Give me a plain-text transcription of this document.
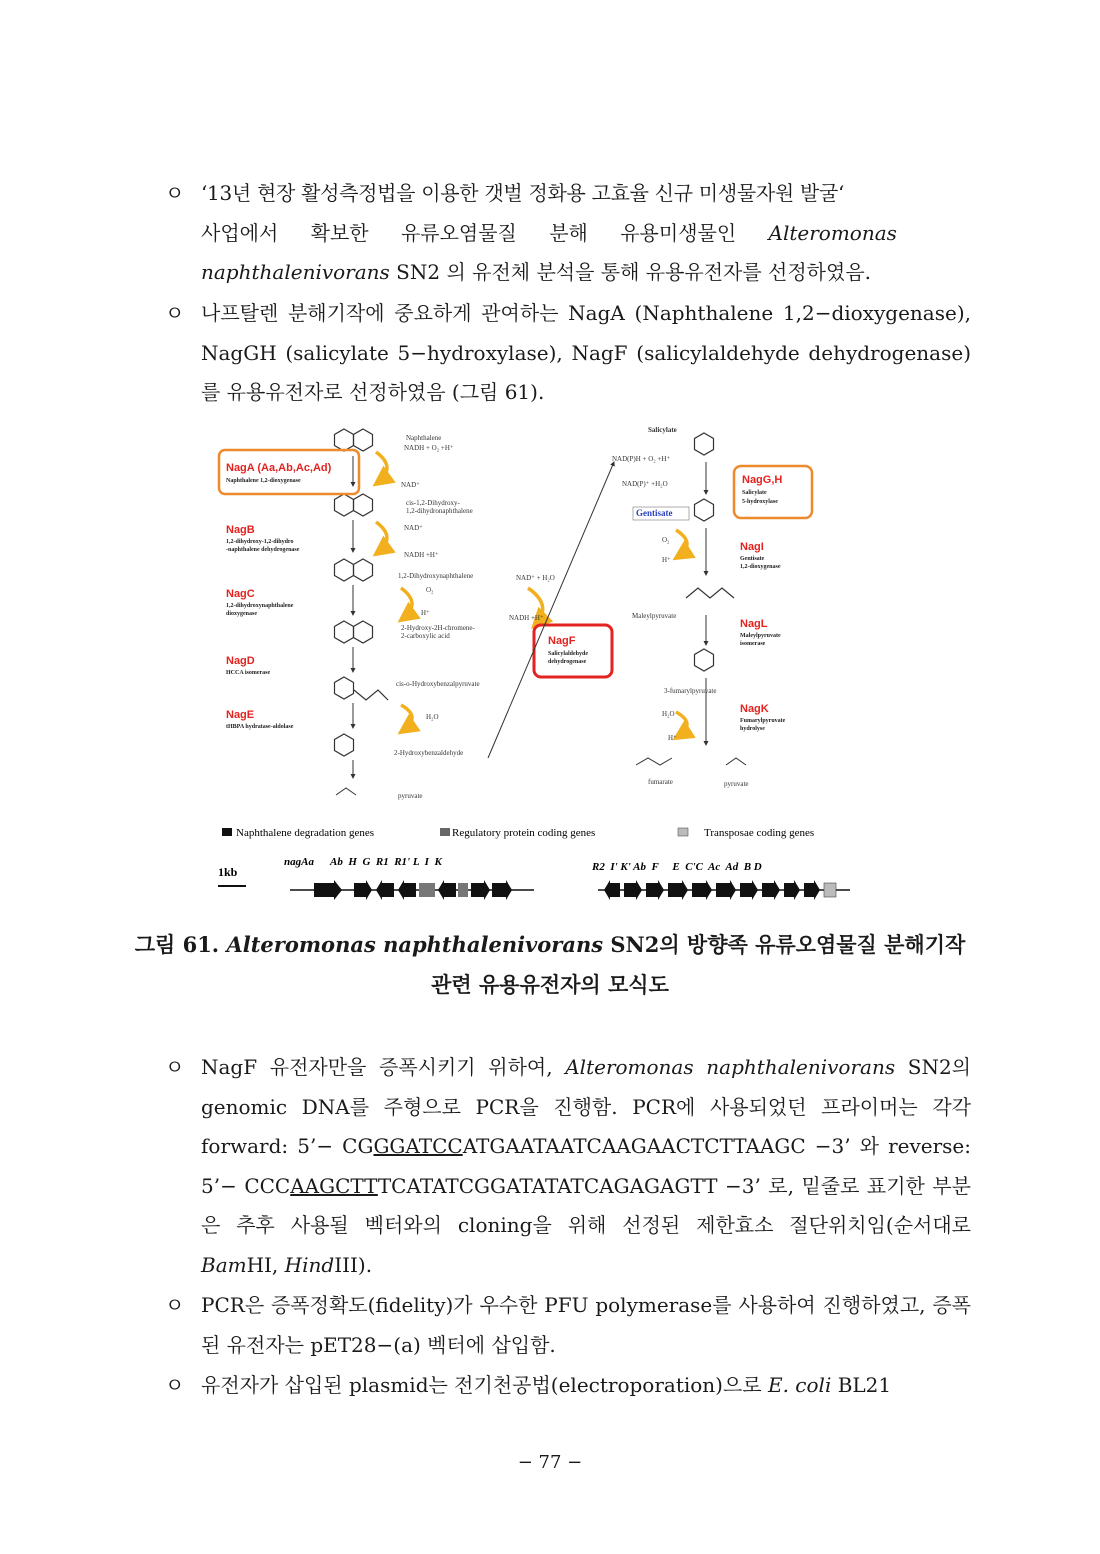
ㅇ ‘13년 현장 활성측정법을 이용한 갯벌 정화용 고효율 신규 미생물자원 발굴‘
사업에서 확보한 유류오염물질 분해 유용미생물인 Alteromonas
naphthalenivorans SN2 의 유전체 분석을 통해 유용유전자를 선정하였음.
ㅇ 나프탈렌 분해기작에 중요하게 관여하는 NagA (Naphthalene 1,2−dioxygenase), NagGH (salicylate 5−hydroxylase), NagF (salicylaldehyde dehydrogenase)를 유용유전자로 선정하였음 (그림 61).
Naphthalene
NADH + O₂ +H⁺
NAD⁺
cis-1,2-Dihydroxy-
1,2-dihydronaphthalene
NAD⁺
NADH +H⁺
1,2-Dihydroxynaphthalene
O₂
H⁺
2-Hydroxy-2H-chromene-
2-carboxylic acid
cis-o-Hydroxybenzalpyruvate
H₂O
2-Hydroxybenzaldehyde
pyruvate
NAD⁺ + H₂O
NADH +H⁺
NagA (Aa,Ab,Ac,Ad)
Naphthalene 1,2-dioxygenase
NagB
1,2-dihydroxy-1,2-dihydro
-naphthalene dehydrogenase
NagC
1,2-dihydroxynaphthalene
dioxygenase
NagD
HCCA isomerase
NagE
tHBPA hydratase-aldolase
NagF
Salicylaldehyde
dehydrogenase
Salicylate
NAD(P)H + O₂ +H⁺
NAD(P)⁺ +H₂O
Gentisate
O₂
H⁺
Maleylpyruvate
3-fumarylpyruvate
H₂O
H⁺
fumarate	pyruvate
NagG,H
Salicylate
5-hydroxylase
NagI
Gentisate
1,2-dioxygenase
NagL
Maleylpyruvate
isomerase
NagK
Fumarylpyruvate
hydrolyse
Naphthalene degradation genes	Regulatory protein coding genes	Transposae coding genes
1kb
nagAa      Ab  H  G  R1  R1' L  I  K	R2  I' K' Ab  F     E  C'C  Ac  Ad  B D
그림 61. Alteromonas naphthalenivorans SN2의 방향족 유류오염물질 분해기작
관련 유용유전자의 모식도
ㅇ NagF 유전자만을 증폭시키기 위하여, Alteromonas naphthalenivorans SN2의 genomic DNA를 주형으로 PCR을 진행함. PCR에 사용되었던 프라이머는 각각 forward: 5’− CGGGATCCATGAATAATCAAGAACTCTTAAGC −3’ 와 reverse: 5’− CCCAAGCTTTCATATCGGATATATCAGAGAGTT −3’ 로, 밑줄로 표기한 부분은 추후 사용될 벡터와의 cloning을 위해 선정된 제한효소 절단위치임(순서대로 BamHI, HindIII).
ㅇ PCR은 증폭정확도(fidelity)가 우수한 PFU polymerase를 사용하여 진행하였고, 증폭된 유전자는 pET28−(a) 벡터에 삽입함.
ㅇ 유전자가 삽입된 plasmid는 전기천공법(electroporation)으로 E. coli BL21
− 77 −
